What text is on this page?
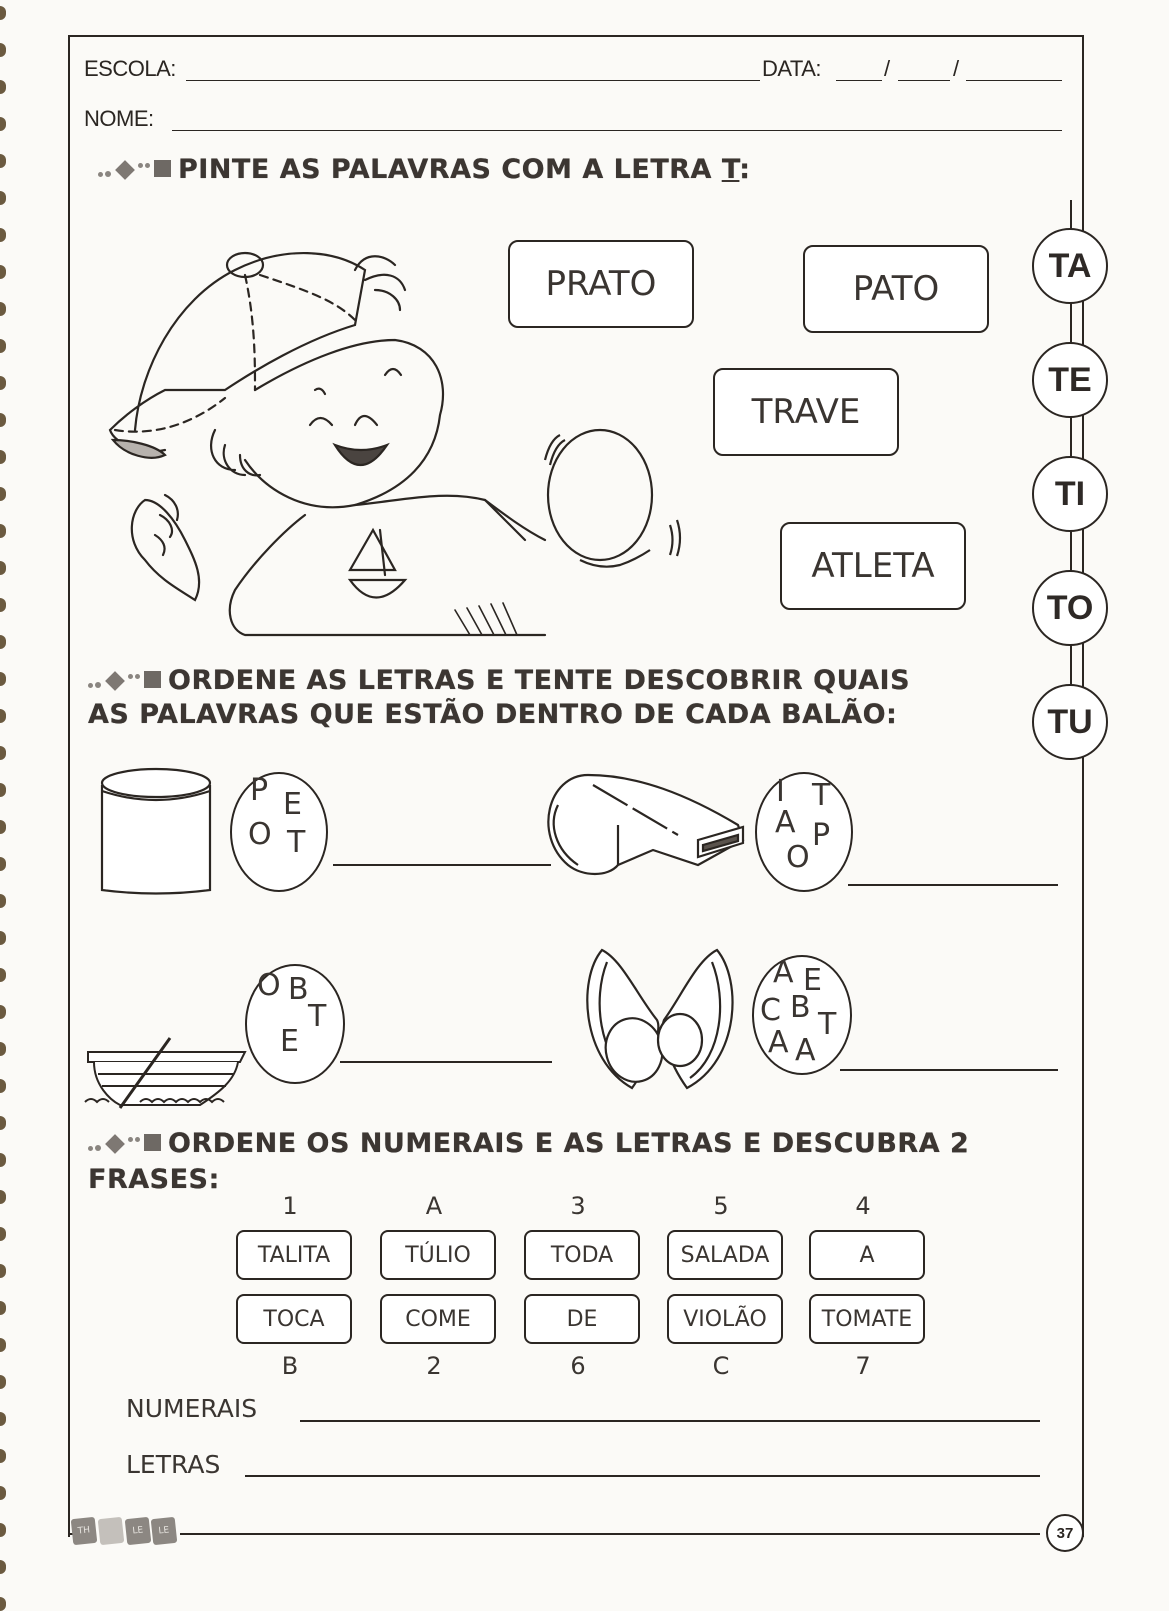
ESCOLA:	DATA:	/	/
NOME:
PINTE AS PALAVRAS COM A LETRA T:
PRATO	PATO
TRAVE
ATLETA
TA
TE
TI
TO
TU
ORDENE AS LETRAS E TENTE DESCOBRIR QUAIS
AS PALAVRAS QUE ESTÃO DENTRO DE CADA BALÃO:
P E
O T
I T
A P
O
O B
T
E
A E
C B T
A A
ORDENE OS NUMERAIS E AS LETRAS E DESCUBRA 2
FRASES:
1	A	3	5	4
TALITA	TÚLIO	TODA	SALADA	A
TOCA	COME	DE	VIOLÃO	TOMATE
B	2	6	C	7
NUMERAIS
LETRAS
TH	LE	LE	37
